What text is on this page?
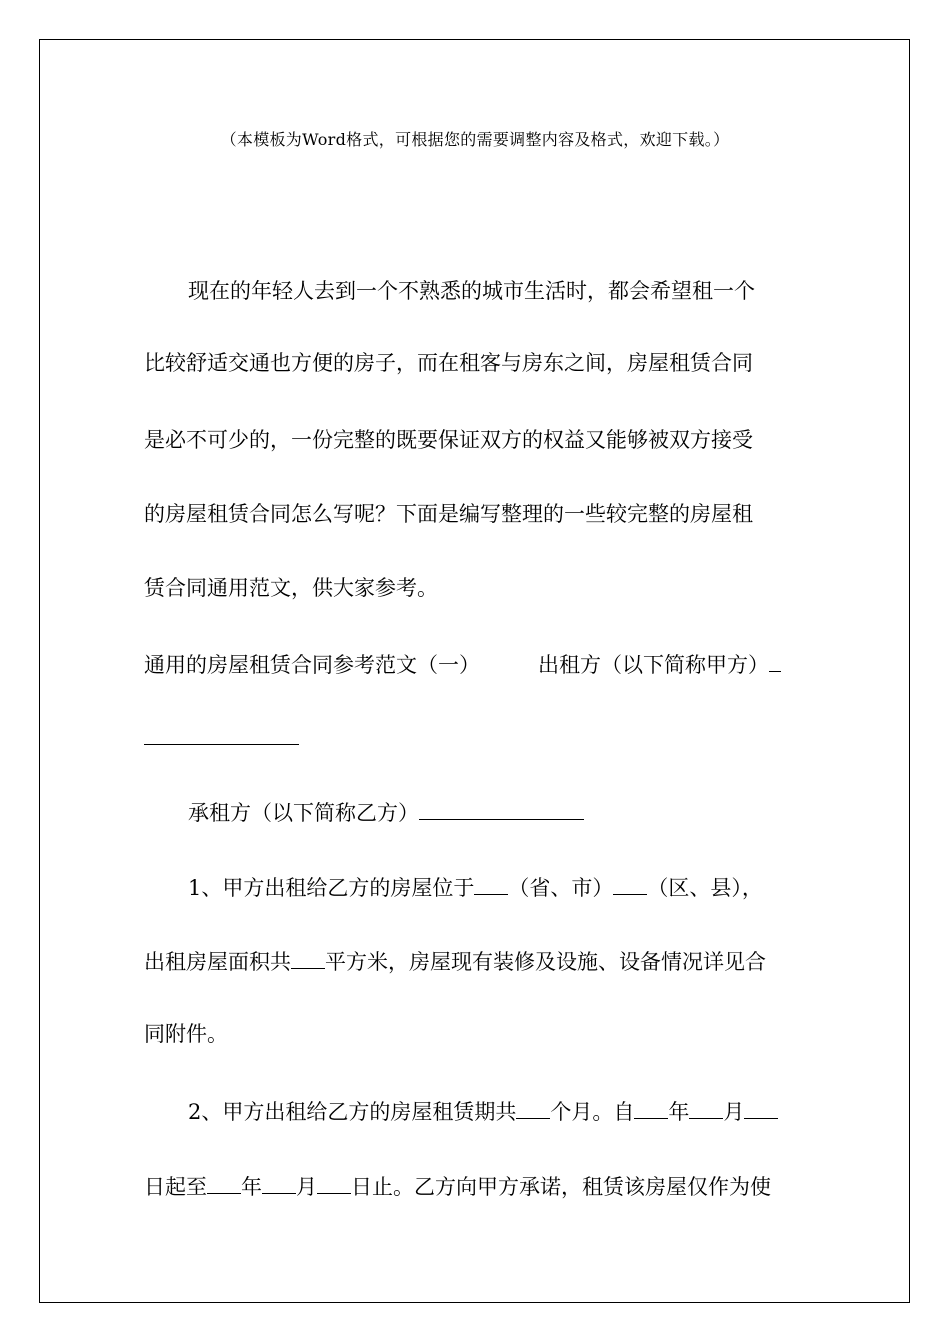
（本模板为Word格式，可根据您的需要调整内容及格式，欢迎下载。）
现在的年轻人去到一个不熟悉的城市生活时，都会希望租一个
比较舒适交通也方便的房子，而在租客与房东之间，房屋租赁合同
是必不可少的，一份完整的既要保证双方的权益又能够被双方接受
的房屋租赁合同怎么写呢？下面是编写整理的一些较完整的房屋租
赁合同通用范文，供大家参考。
通用的房屋租赁合同参考范文（一）	出租方（以下简称甲方）
承租方（以下简称乙方）
1、甲方出租给乙方的房屋位于 （省、市） （区、县），
出租房屋面积共 平方米，房屋现有装修及设施、设备情况详见合
同附件。
2、甲方出租给乙方的房屋租赁期共 个月。自 年 月
日起至 年 月 日止。乙方向甲方承诺，租赁该房屋仅作为使
